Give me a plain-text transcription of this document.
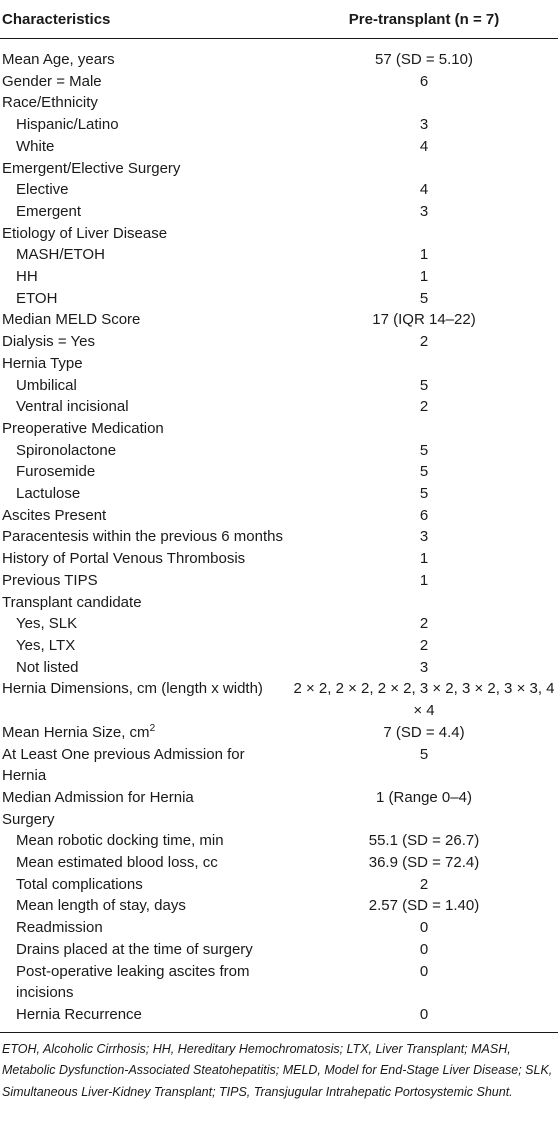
Characteristics	Pre-transplant (n = 7)
Mean Age, years	57 (SD = 5.10)
Gender = Male	6
Race/Ethnicity	
Hispanic/Latino	3
White	4
Emergent/Elective Surgery	
Elective	4
Emergent	3
Etiology of Liver Disease	
MASH/ETOH	1
HH	1
ETOH	5
Median MELD Score	17 (IQR 14–22)
Dialysis = Yes	2
Hernia Type	
Umbilical	5
Ventral incisional	2
Preoperative Medication	
Spironolactone	5
Furosemide	5
Lactulose	5
Ascites Present	6
Paracentesis within the previous 6 months	3
History of Portal Venous Thrombosis	1
Previous TIPS	1
Transplant candidate	
Yes, SLK	2
Yes, LTX	2
Not listed	3
Hernia Dimensions, cm (length x width)	2 × 2, 2 × 2, 2 × 2, 3 × 2, 3 × 2, 3 × 3, 4 × 4
Mean Hernia Size, $cm^2$	7 (SD = 4.4)
At Least One previous Admission for Hernia	5
Median Admission for Hernia	1 (Range 0–4)
Surgery	
Mean robotic docking time, min	55.1 (SD = 26.7)
Mean estimated blood loss, cc	36.9 (SD = 72.4)
Total complications	2
Mean length of stay, days	2.57 (SD = 1.40)
Readmission	0
Drains placed at the time of surgery	0
Post-operative leaking ascites from incisions	0
Hernia Recurrence	0
ETOH, Alcoholic Cirrhosis; HH, Hereditary Hemochromatosis; LTX, Liver Transplant; MASH, Metabolic Dysfunction-Associated Steatohepatitis; MELD, Model for End-Stage Liver Disease; SLK, Simultaneous Liver-Kidney Transplant; TIPS, Transjugular Intrahepatic Portosystemic Shunt.
